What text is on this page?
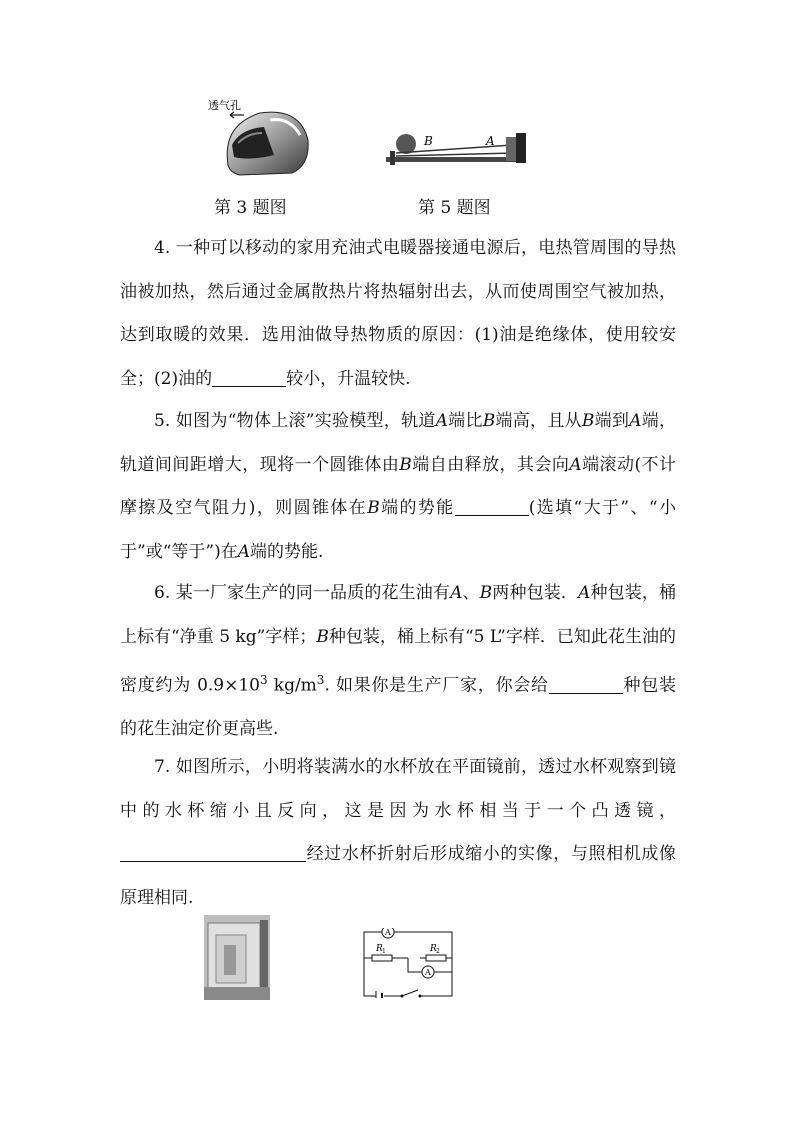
透气孔
第 3 题图
B	A
第 5 题图

4. 一种可以移动的家用充油式电暖器接通电源后，电热管周围的导热油被加热，然后通过金属散热片将热辐射出去，从而使周围空气被加热，达到取暖的效果．选用油做导热物质的原因：(1)油是绝缘体，使用较安全；(2)油的	较小，升温较快.

5. 如图为“物体上滚”实验模型，轨道A端比B端高，且从B端到A端，轨道间间距增大，现将一个圆锥体由B端自由释放，其会向A端滚动(不计摩擦及空气阻力)，则圆锥体在B端的势能	(选填“大于”、“小于”或“等于”)在A端的势能.

6. 某一厂家生产的同一品质的花生油有A、B两种包装．A种包装，桶上标有“净重 5 kg”字样；B种包装，桶上标有“5 L”字样．已知此花生油的密度约为 $0.9\times 10^3$ $kg/m^3$. 如果你是生产厂家，你会给	种包装的花生油定价更高些.

7. 如图所示，小明将装满水的水杯放在平面镜前，透过水杯观察到镜中的水杯缩小且反向，这是因为水杯相当于一个凸透镜，经过水杯折射后形成缩小的实像，与照相机成像原理相同.

A
A
R 1	R 2
